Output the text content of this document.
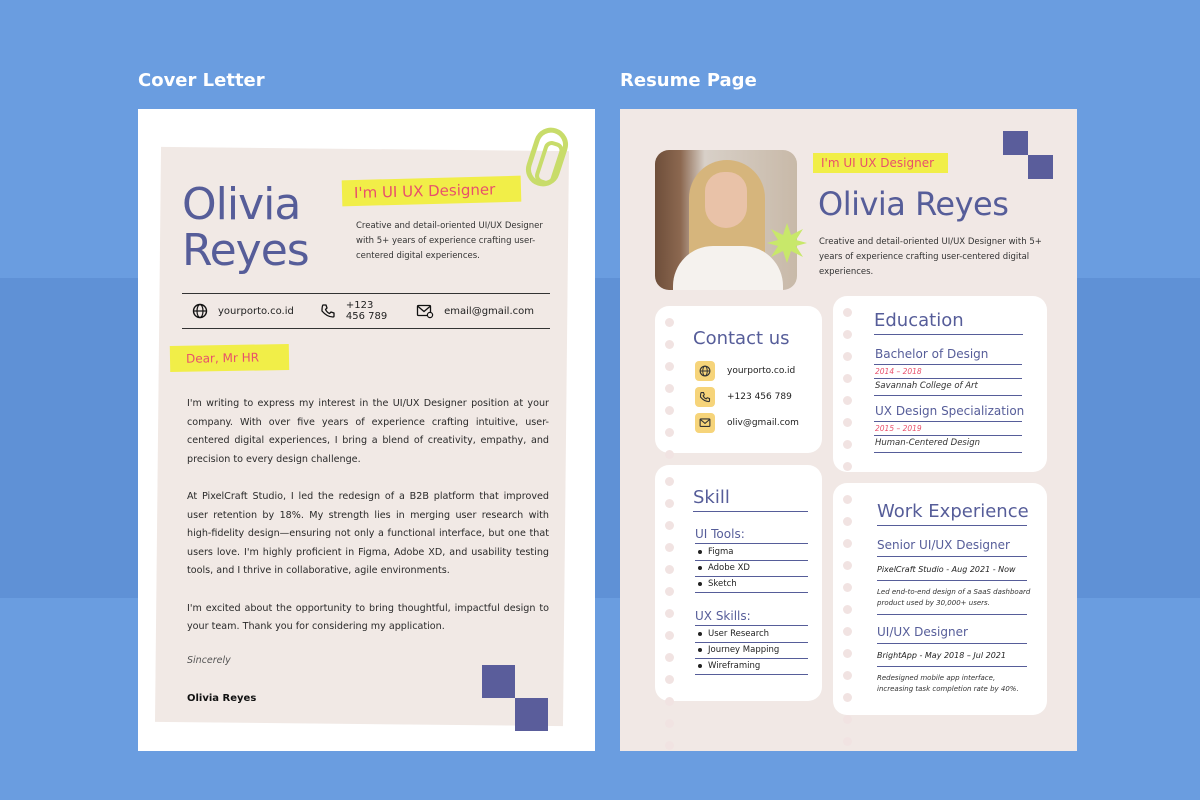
Cover Letter	Resume Page
Olivia
Reyes
I'm UI UX Designer
Creative and detail-oriented UI/UX Designer with 5+ years of experience crafting user-centered digital experiences.
yourporto.co.id	+123 456 789	email@gmail.com
Dear, Mr HR

I'm writing to express my interest in the UI/UX Designer position at your company. With over five years of experience crafting intuitive, user-centered digital experiences, I bring a blend of creativity, empathy, and precision to every design challenge.

At PixelCraft Studio, I led the redesign of a B2B platform that improved user retention by 18%. My strength lies in merging user research with high-fidelity design—ensuring not only a functional interface, but one that users love. I'm highly proficient in Figma, Adobe XD, and usability testing tools, and I thrive in collaborative, agile environments.

I'm excited about the opportunity to bring thoughtful, impactful design to your team. Thank you for considering my application.

Sincerely
Olivia Reyes
I'm UI UX Designer
Olivia Reyes
Creative and detail-oriented UI/UX Designer with 5+ years of experience crafting user-centered digital experiences.
Contact us
yourporto.co.id
+123 456 789
oliv@gmail.com
Education
Bachelor of Design
2014 – 2018
Savannah College of Art
UX Design Specialization
2015 – 2019
Human-Centered Design
Skill
UI Tools:
Figma
Adobe XD
Sketch
UX Skills:
User Research
Journey Mapping
Wireframing
Work Experience
Senior UI/UX Designer
PixelCraft Studio - Aug 2021 - Now
Led end-to-end design of a SaaS dashboard product used by 30,000+ users.
UI/UX Designer
BrightApp - May 2018 – Jul 2021
Redesigned mobile app interface, increasing task completion rate by 40%.
